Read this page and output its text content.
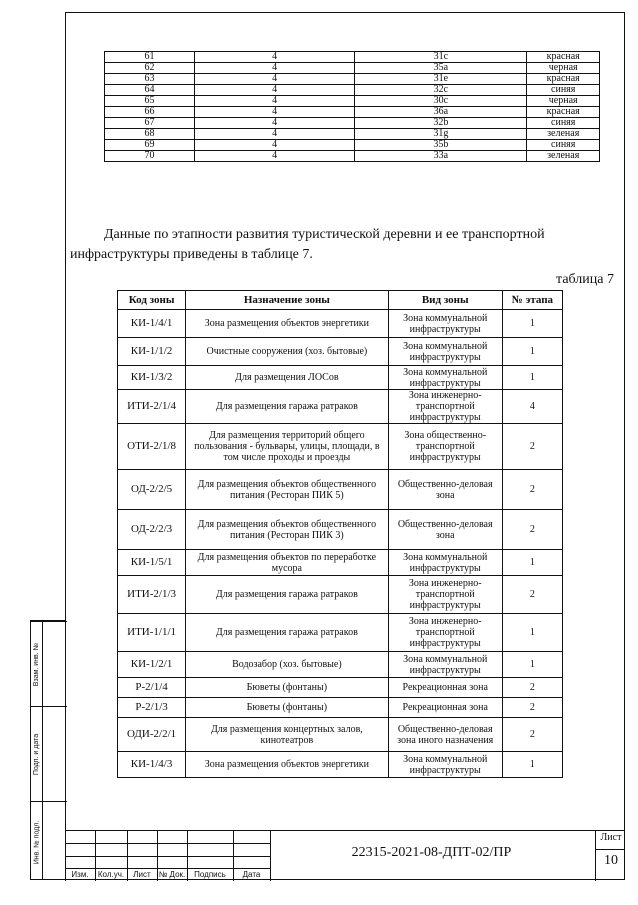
Взам. инв. №
Подп. и дата
Инв. № подл.
61	4	31c	красная
62	4	35a	черная
63	4	31e	красная
64	4	32c	синяя
65	4	30c	черная
66	4	36a	красная
67	4	32b	синяя
68	4	31g	зеленая
69	4	35b	синяя
70	4	33a	зеленая

Данные по этапности развития туристической деревни и ее транспортной

инфраструктуры приведены в таблице 7.

таблица 7
Код зоны	Назначение зоны	Вид зоны	№ этапа
КИ-1/4/1	Зона размещения объектов энергетики	Зона коммунальной инфраструктуры	1
КИ-1/1/2	Очистные сооружения (хоз. бытовые)	Зона коммунальной инфраструктуры	1
КИ-1/3/2	Для размещения ЛОСов	Зона коммунальной инфраструктуры	1
ИТИ-2/1/4	Для размещения гаража ратраков	Зона инженерно-транспортной инфраструктуры	4
ОТИ-2/1/8	Для размещения территорий общего пользования - бульвары, улицы, площади, в том числе проходы и проезды	Зона общественно-транспортной инфраструктуры	2
ОД-2/2/5	Для размещения объектов общественного питания (Ресторан ПИК 5)	Общественно-деловая зона	2
ОД-2/2/3	Для размещения объектов общественного питания (Ресторан ПИК 3)	Общественно-деловая зона	2
КИ-1/5/1	Для размещения объектов по переработке мусора	Зона коммунальной инфраструктуры	1
ИТИ-2/1/3	Для размещения гаража ратраков	Зона инженерно-транспортной инфраструктуры	2
ИТИ-1/1/1	Для размещения гаража ратраков	Зона инженерно-транспортной инфраструктуры	1
КИ-1/2/1	Водозабор (хоз. бытовые)	Зона коммунальной инфраструктуры	1
Р-2/1/4	Бюветы (фонтаны)	Рекреационная зона	2
Р-2/1/3	Бюветы (фонтаны)	Рекреационная зона	2
ОДИ-2/2/1	Для размещения концертных залов, кинотеатров	Общественно-деловая зона иного назначения	2
КИ-1/4/3	Зона размещения объектов энергетики	Зона коммунальной инфраструктуры	1
Изм.	Кол.уч.	Лист	№ Док.	Подпись	Дата
22315-2021-08-ДПТ-02/ПР
Лист
10
